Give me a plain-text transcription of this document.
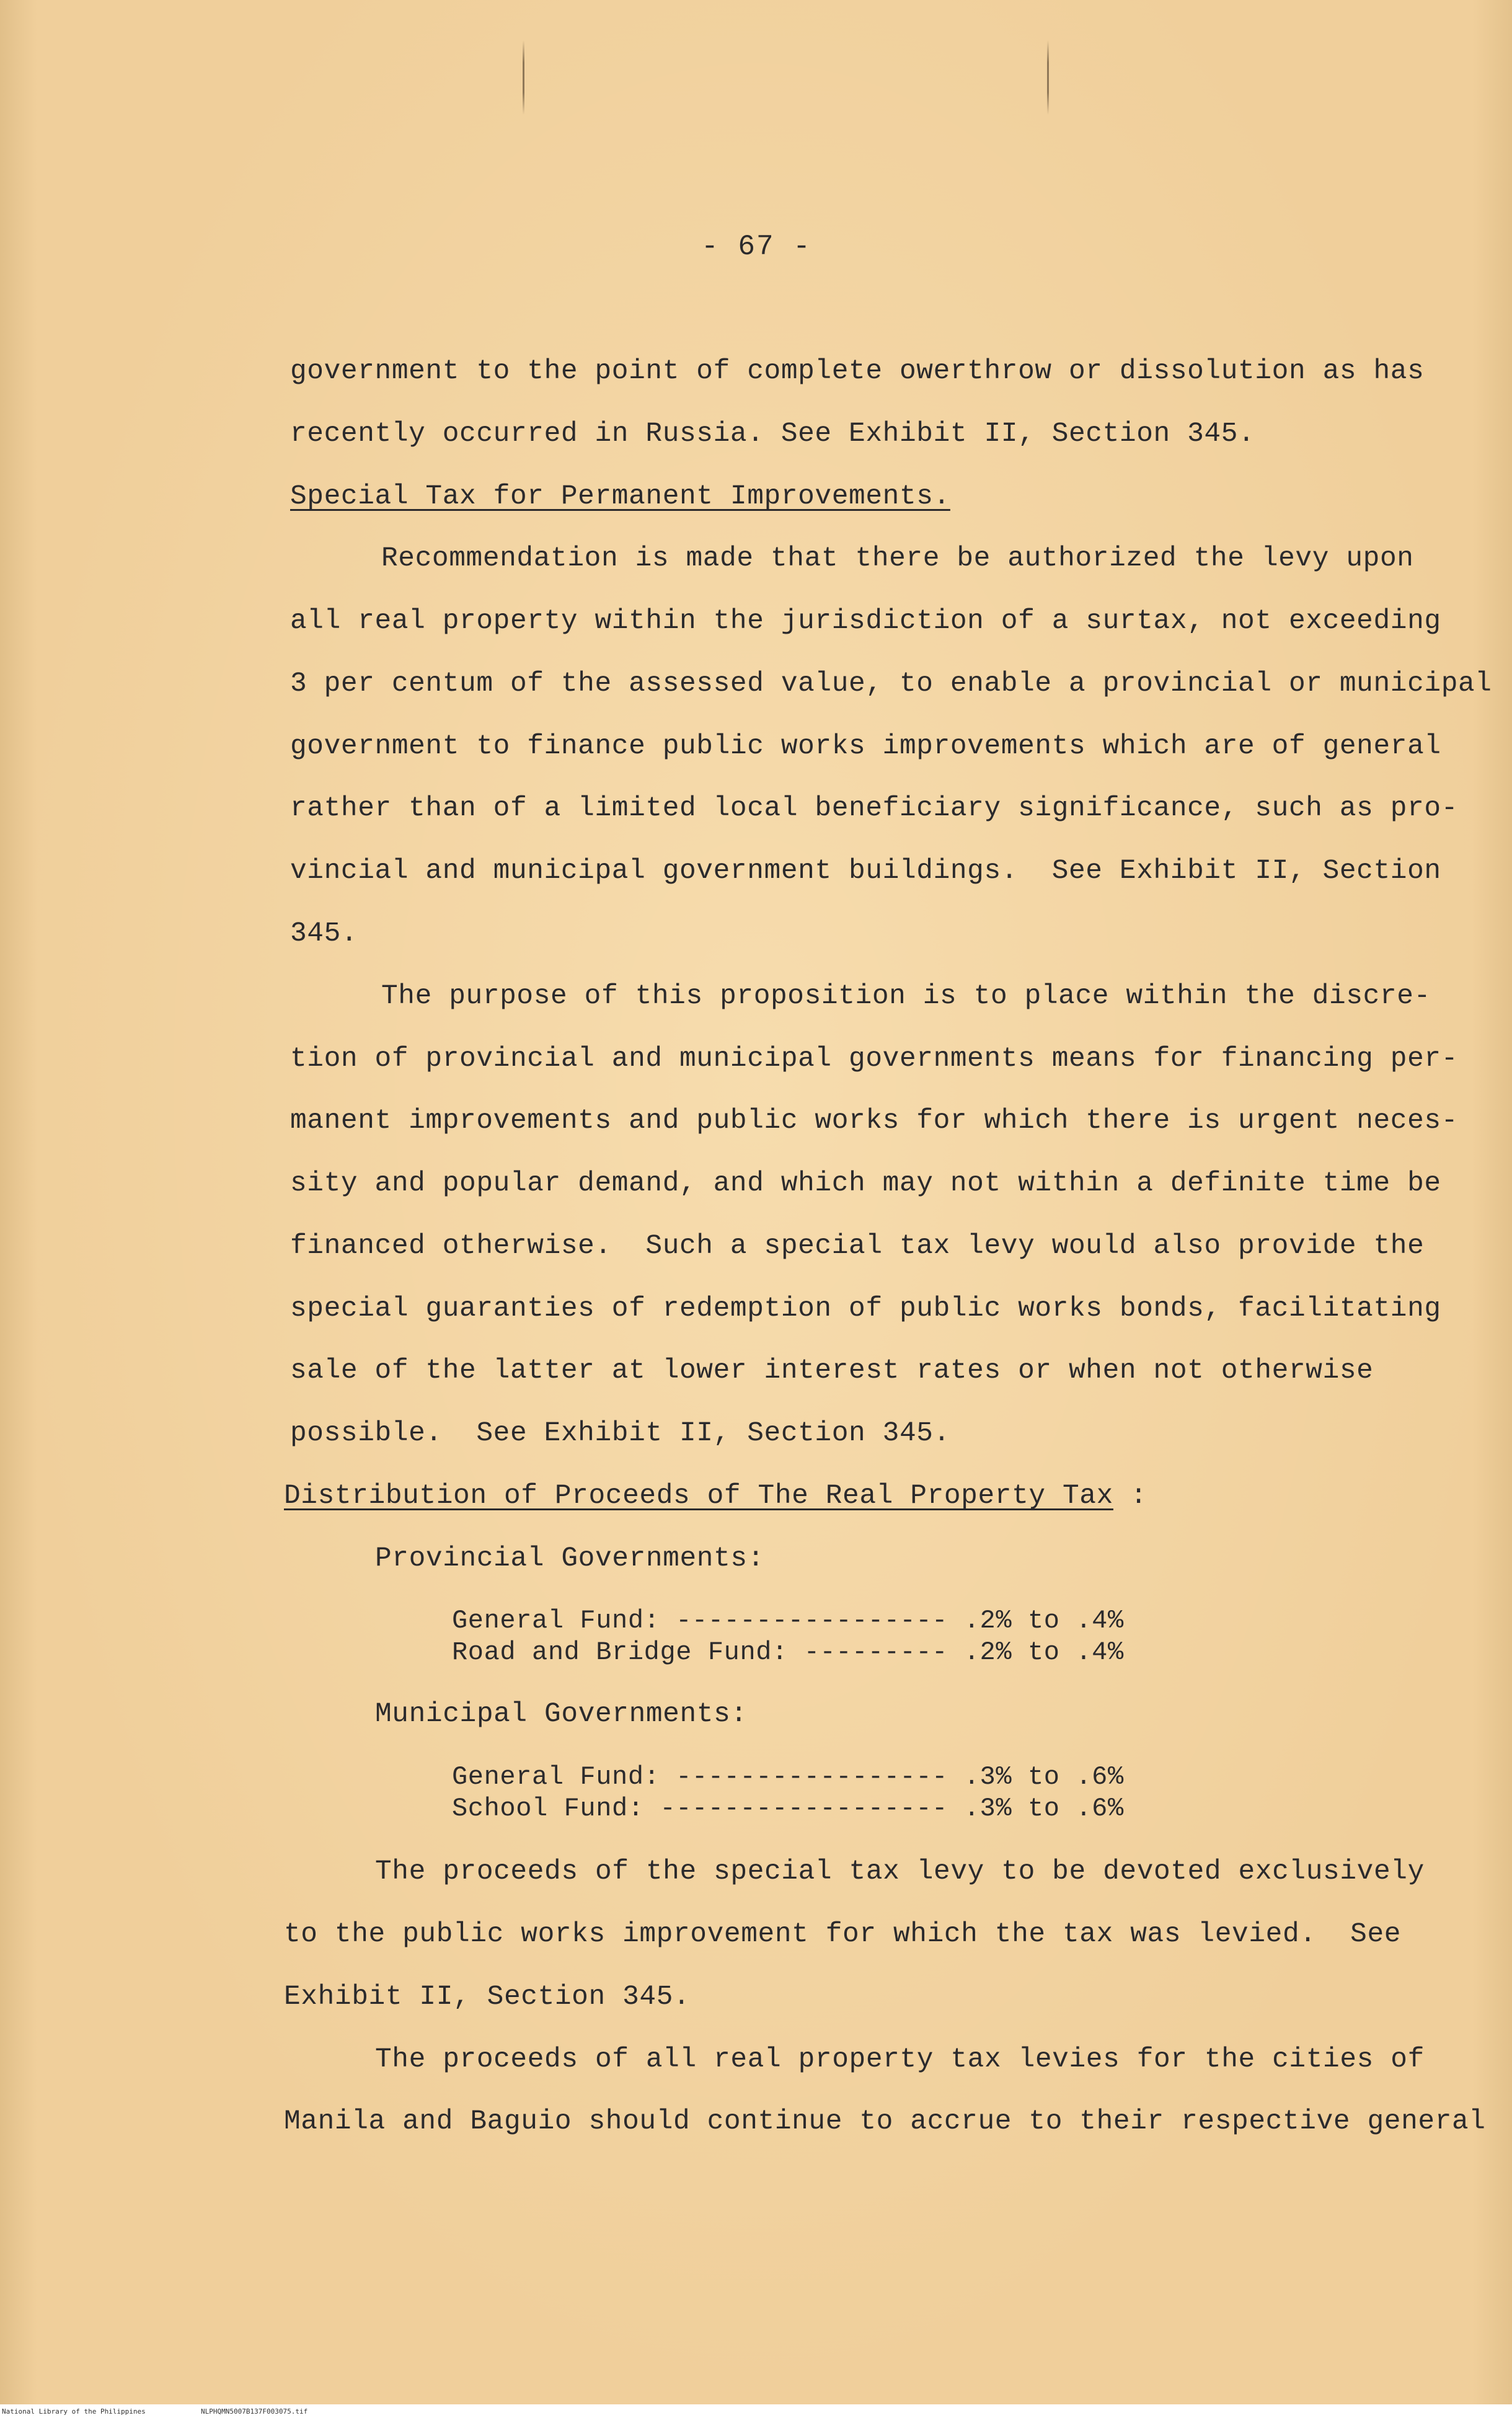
- 67 -
government to the point of complete owerthrow or dissolution as has
recently occurred in Russia. See Exhibit II, Section 345.
Special Tax for Permanent Improvements.
Recommendation is made that there be authorized the levy upon
all real property within the jurisdiction of a surtax, not exceeding
3 per centum of the assessed value, to enable a provincial or municipal
government to finance public works improvements which are of general
rather than of a limited local beneficiary significance, such as pro-
vincial and municipal government buildings.  See Exhibit II, Section
345.
The purpose of this proposition is to place within the discre-
tion of provincial and municipal governments means for financing per-
manent improvements and public works for which there is urgent neces-
sity and popular demand, and which may not within a definite time be
financed otherwise.  Such a special tax levy would also provide the
special guaranties of redemption of public works bonds, facilitating
sale of the latter at lower interest rates or when not otherwise
possible.  See Exhibit II, Section 345.
Distribution of Proceeds of The Real Property Tax :
Provincial Governments:
General Fund: ----------------- .2% to .4%
Road and Bridge Fund: --------- .2% to .4%
Municipal Governments:
General Fund: ----------------- .3% to .6%
School Fund: ------------------ .3% to .6%
The proceeds of the special tax levy to be devoted exclusively
to the public works improvement for which the tax was levied.  See
Exhibit II, Section 345.
The proceeds of all real property tax levies for the cities of
Manila and Baguio should continue to accrue to their respective general
National Library of the Philippines	NLPHQMN5007B137F003075.tif
